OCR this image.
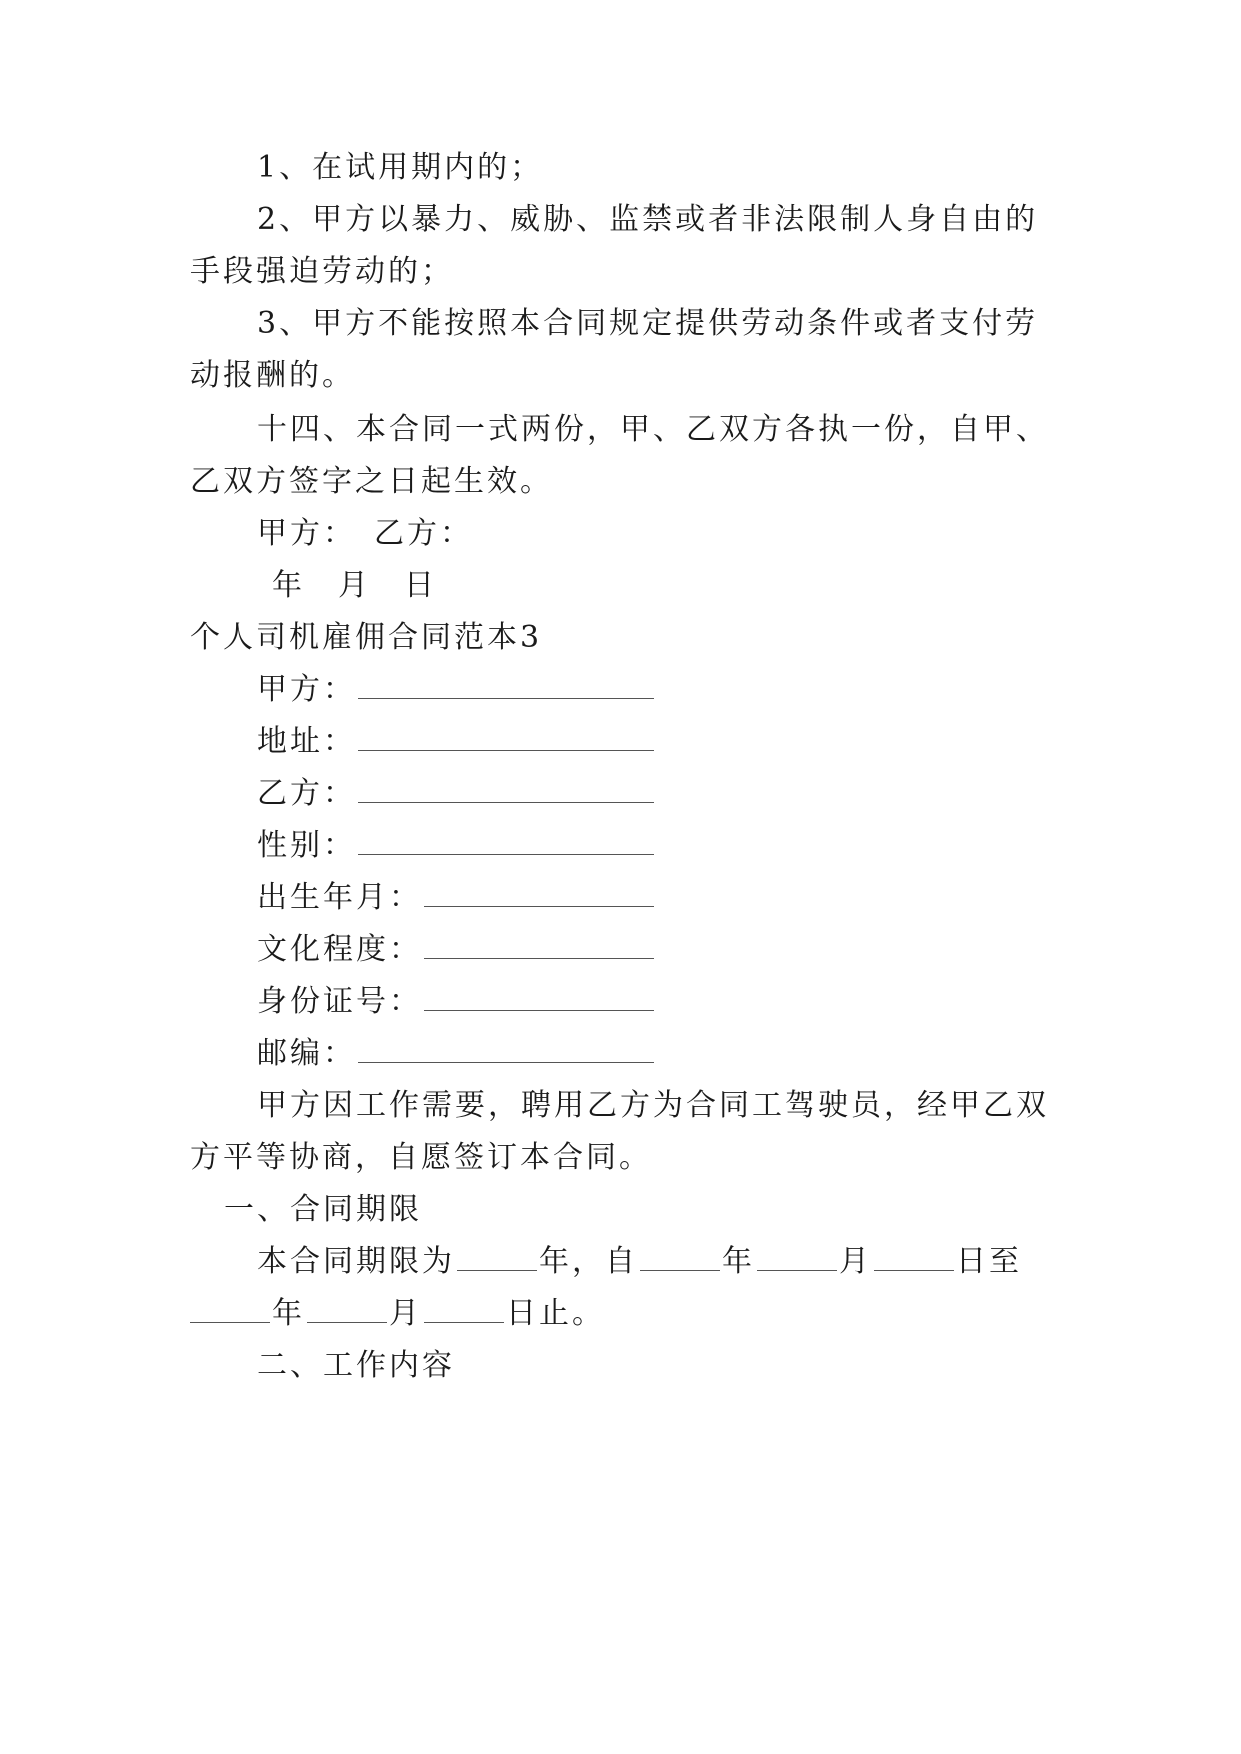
1、在试用期内的；
2、甲方以暴力、威胁、监禁或者非法限制人身自由的
手段强迫劳动的；
3、甲方不能按照本合同规定提供劳动条件或者支付劳
动报酬的。
十四、本合同一式两份，甲、乙双方各执一份，自甲、
乙双方签字之日起生效。
甲方：　乙方：
年　月　日
个人司机雇佣合同范本3
甲方：
地址：
乙方：
性别：
出生年月：
文化程度：
身份证号：
邮编：
甲方因工作需要，聘用乙方为合同工驾驶员，经甲乙双
方平等协商，自愿签订本合同。
一、合同期限
本合同期限为	年，自	年	月	日至
年	月	日止。
二、工作内容
